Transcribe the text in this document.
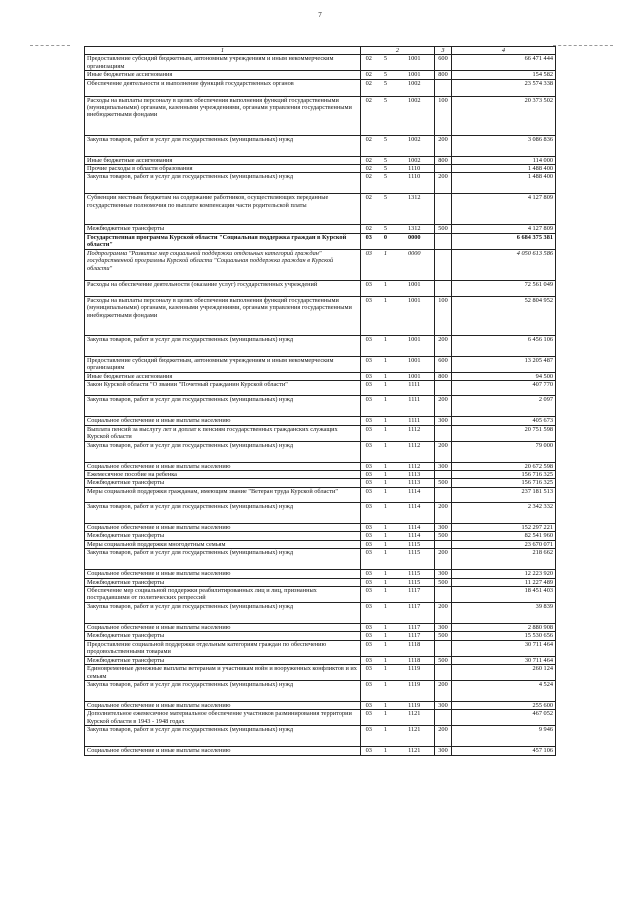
7
1	2			3	4
Предоставление субсидий бюджетным, автономным учреждениям и иным некоммерческим организациям	02	5	1001	600	66 471 444
Иные бюджетные ассигнования	02	5	1001	800	154 582
Обеспечение деятельности и выполнение функций государственных органов	02	5	1002		23 574 338
Расходы на выплаты персоналу в целях обеспечения выполнения функций государственными (муниципальными) органами, казенными учреждениями, органами управления государственными внебюджетными фондами	02	5	1002	100	20 373 502
Закупка товаров, работ и услуг для государственных (муниципальных) нужд	02	5	1002	200	3 086 836
Иные бюджетные ассигнования	02	5	1002	800	114 000
Прочие расходы в области образования	02	5	1110		1 488 400
Закупка товаров, работ и услуг для государственных (муниципальных) нужд	02	5	1110	200	1 488 400
Субвенции местным бюджетам на содержание работников, осуществляющих переданные государственные полномочия по выплате компенсации части родительской платы	02	5	1312		4 127 809
Межбюджетные трансферты	02	5	1312	500	4 127 809
Государственная программа Курской области "Социальная поддержка граждан в Курской области"	03	0	0000		6 684 375 381
Подпрограмма "Развитие мер социальной поддержки отдельных категорий граждан" государственной программы Курской области "Социальная поддержка граждан в Курской области"	03	1	0000		4 050 613 586
Расходы на обеспечение деятельности (оказание услуг) государственных учреждений	03	1	1001		72 561 049
Расходы на выплаты персоналу в целях обеспечения выполнения функций государственными (муниципальными) органами, казенными учреждениями, органами управления государственными внебюджетными фондами	03	1	1001	100	52 804 952
Закупка товаров, работ и услуг для государственных (муниципальных) нужд	03	1	1001	200	6 456 106
Предоставление субсидий бюджетным, автономным учреждениям и иным некоммерческим организациям	03	1	1001	600	13 205 487
Иные бюджетные ассигнования	03	1	1001	800	94 500
Закон Курской области "О звании "Почетный гражданин Курской области"	03	1	1111		407 770
Закупка товаров, работ и услуг для государственных (муниципальных) нужд	03	1	1111	200	2 097
Социальное обеспечение и иные выплаты населению	03	1	1111	300	405 673
Выплата пенсий за выслугу лет и доплат к пенсиям государственных гражданских служащих Курской области	03	1	1112		20 751 598
Закупка товаров, работ и услуг для государственных (муниципальных) нужд	03	1	1112	200	79 000
Социальное обеспечение и иные выплаты населению	03	1	1112	300	20 672 598
Ежемесячное пособие на ребенка	03	1	1113		156 716 325
Межбюджетные трансферты	03	1	1113	500	156 716 325
Меры социальной поддержки гражданам, имеющим звание "Ветеран труда Курской области"	03	1	1114		237 181 513
Закупка товаров, работ и услуг для государственных (муниципальных) нужд	03	1	1114	200	2 342 332
Социальное обеспечение и иные выплаты населению	03	1	1114	300	152 297 221
Межбюджетные трансферты	03	1	1114	500	82 541 960
Меры социальной поддержки многодетным семьям	03	1	1115		23 670 071
Закупка товаров, работ и услуг для государственных (муниципальных) нужд	03	1	1115	200	218 662
Социальное обеспечение и иные выплаты населению	03	1	1115	300	12 223 920
Межбюджетные трансферты	03	1	1115	500	11 227 489
Обеспечение мер социальной поддержки реабилитированных лиц и лиц, признанных пострадавшими от политических репрессий	03	1	1117		18 451 403
Закупка товаров, работ и услуг для государственных (муниципальных) нужд	03	1	1117	200	39 839
Социальное обеспечение и иные выплаты населению	03	1	1117	300	2 880 908
Межбюджетные трансферты	03	1	1117	500	15 530 656
Предоставление социальной поддержки отдельным категориям граждан по обеспечению продовольственными товарами	03	1	1118		30 711 464
Межбюджетные трансферты	03	1	1118	500	30 711 464
Единовременные денежные выплаты ветеранам и участникам войн и вооруженных конфликтов и их семьям	03	1	1119		260 124
Закупка товаров, работ и услуг для государственных (муниципальных) нужд	03	1	1119	200	4 524
Социальное обеспечение и иные выплаты населению	03	1	1119	300	255 600
Дополнительное ежемесячное материальное обеспечение участников разминирования территории Курской области в 1943 - 1948 годах	03	1	1121		467 052
Закупка товаров, работ и услуг для государственных (муниципальных) нужд	03	1	1121	200	9 946
Социальное обеспечение и иные выплаты населению	03	1	1121	300	457 106
